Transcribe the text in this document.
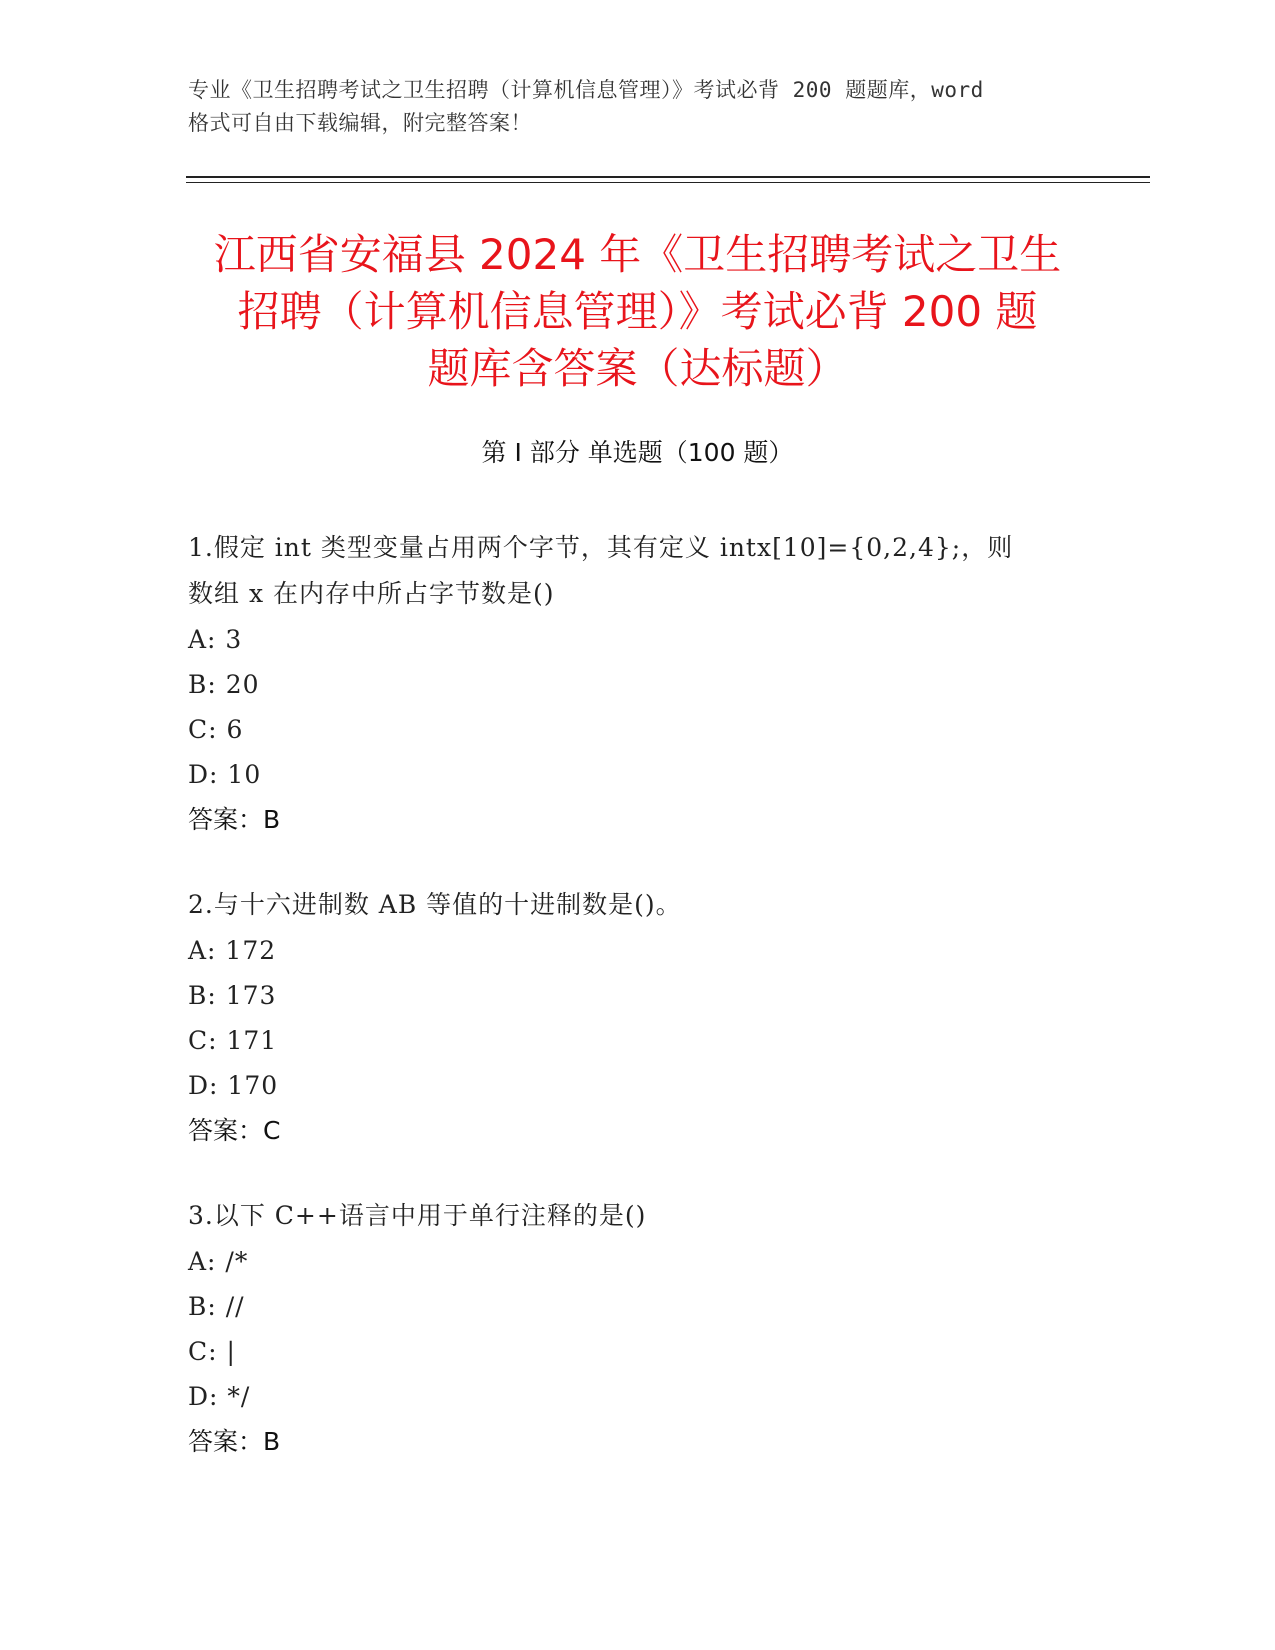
专业《卫生招聘考试之卫生招聘（计算机信息管理）》考试必背 200 题题库，word
格式可自由下载编辑，附完整答案！
江西省安福县 2024 年《卫生招聘考试之卫生
招聘（计算机信息管理）》考试必背 200 题
题库含答案（达标题）
第 I 部分 单选题（100 题）

1.假定 int 类型变量占用两个字节，其有定义 intx[10]={0,2,4};，则

数组 x 在内存中所占字节数是()

A: 3

B: 20

C: 6

D: 10

答案：B

2.与十六进制数 AB 等值的十进制数是()。

A: 172

B: 173

C: 171

D: 170

答案：C

3.以下 C++语言中用于单行注释的是()

A: /*

B: //

C: |

D: */

答案：B
